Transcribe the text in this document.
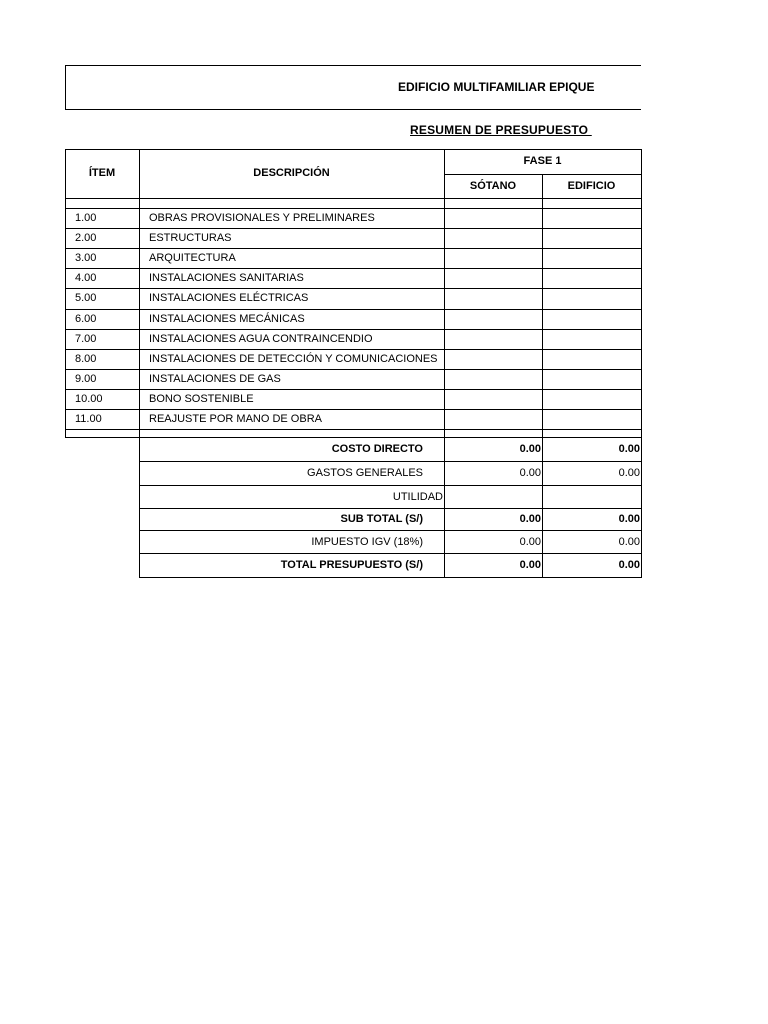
EDIFICIO MULTIFAMILIAR EPIQUE
RESUMEN DE PRESUPUESTO
ÍTEM	DESCRIPCIÓN
FASE 1
SÓTANO	EDIFICIO
1.00	OBRAS PROVISIONALES Y PRELIMINARES
2.00	ESTRUCTURAS
3.00	ARQUITECTURA
4.00	INSTALACIONES SANITARIAS
5.00	INSTALACIONES ELÉCTRICAS
6.00	INSTALACIONES MECÁNICAS
7.00	INSTALACIONES AGUA CONTRAINCENDIO
8.00	INSTALACIONES DE DETECCIÓN Y COMUNICACIONES
9.00	INSTALACIONES DE GAS
10.00	BONO SOSTENIBLE
11.00	REAJUSTE POR MANO DE OBRA
COSTO DIRECTO	0.00	0.00
GASTOS GENERALES	0.00	0.00
UTILIDAD
SUB TOTAL (S/)	0.00	0.00
IMPUESTO IGV (18%)	0.00	0.00
TOTAL PRESUPUESTO (S/)	0.00	0.00
